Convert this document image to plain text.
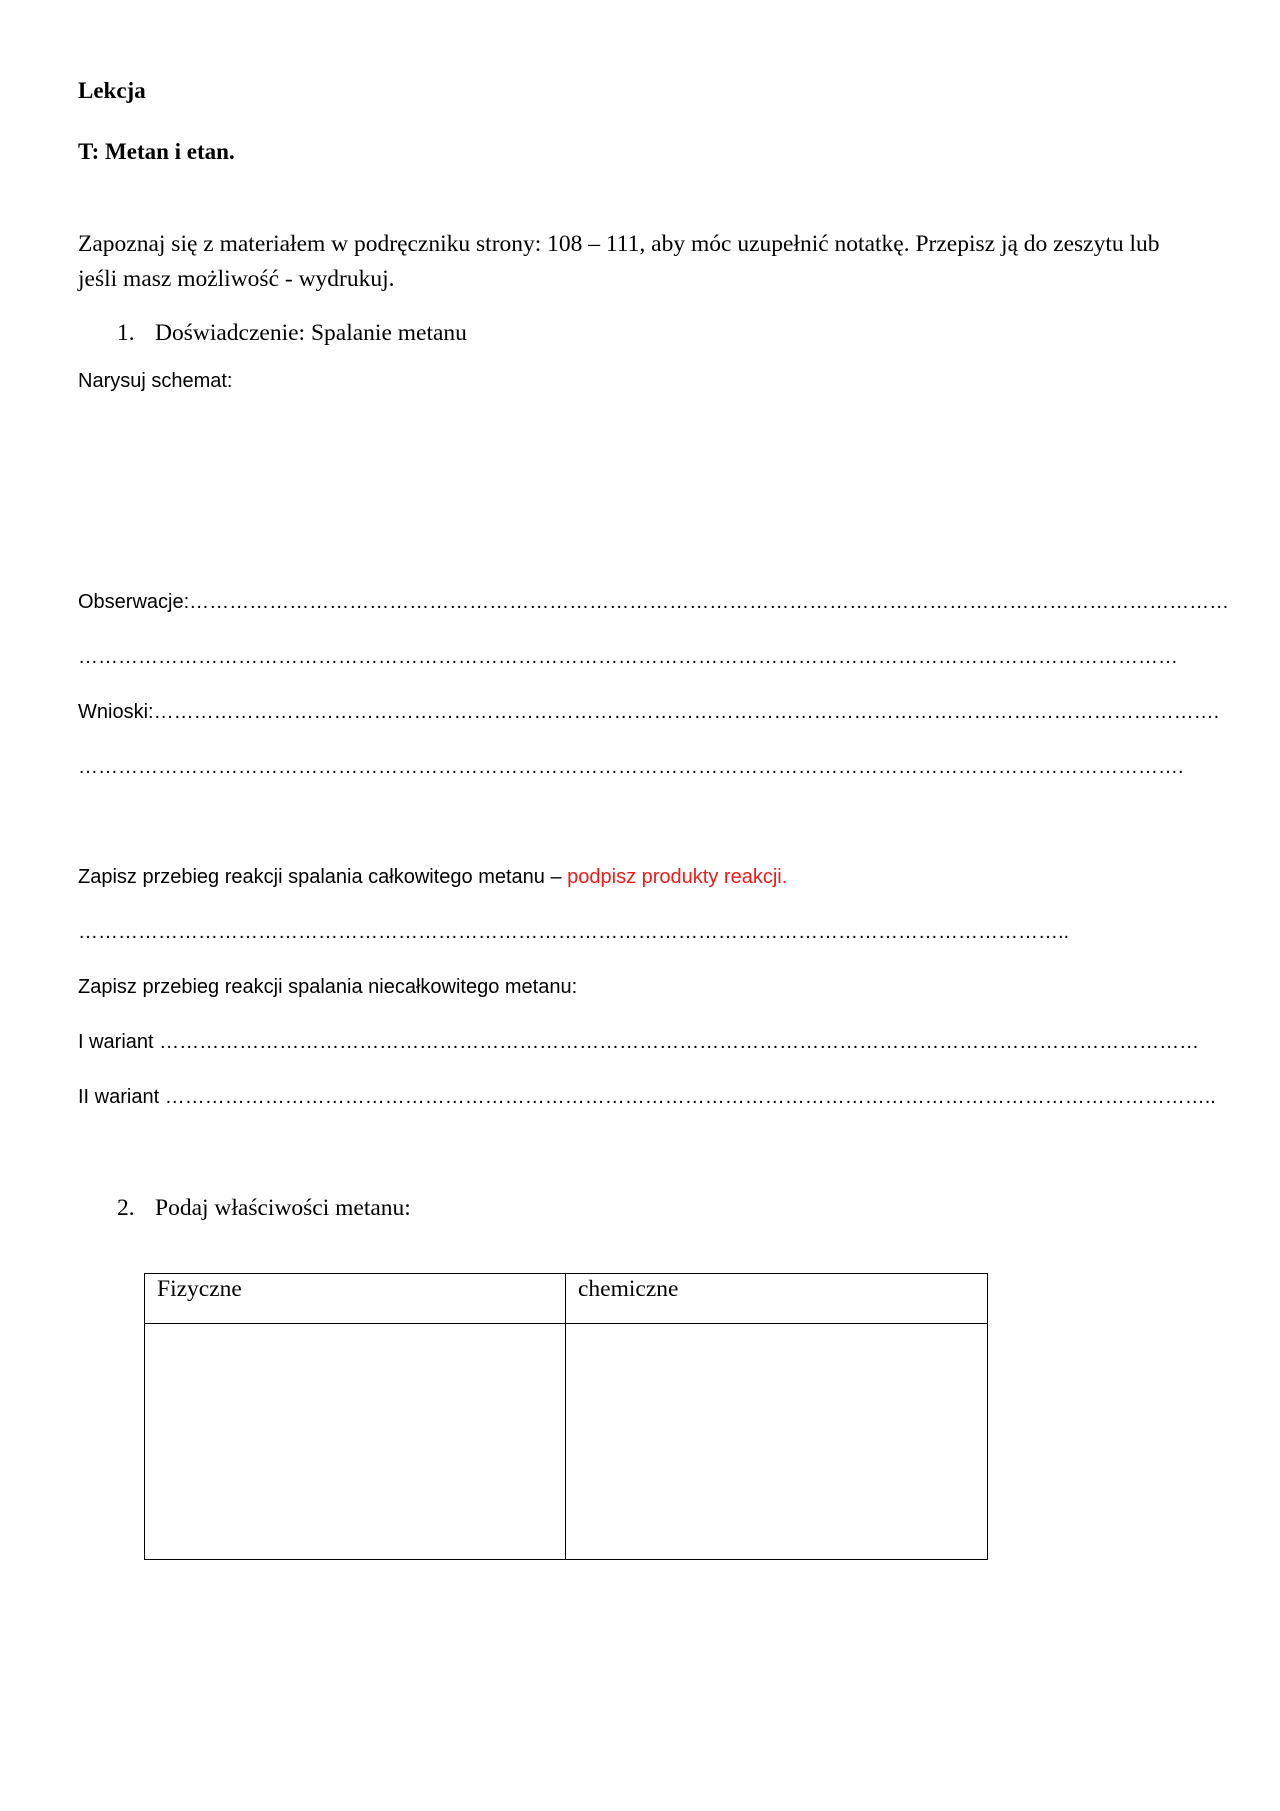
Lekcja
T: Metan i etan.
Zapoznaj się z materiałem w podręczniku strony: 108 – 111, aby móc uzupełnić notatkę. Przepisz ją do zeszytu lub jeśli masz możliwość - wydrukuj.
1. Doświadczenie: Spalanie metanu
Narysuj schemat:
Obserwacje:…………………………………………………………………………………………………………………………………………
…………………………………………………………………………………………………………………………………………………
Wnioski:…………………………………………………………………………………………………………………………………………….
………………………………………………………………………………………………………………………………………………….
Zapisz przebieg reakcji spalania całkowitego metanu – podpisz produkty reakcji.
…………………………………………………………………………………………………………………………………..
Zapisz przebieg reakcji spalania niecałkowitego metanu:
I wariant …………………………………………………………………………………………………………………………………………
II wariant …………………………………………………………………………………………………………………………………………..
2. Podaj właściwości metanu:
Fizyczne	chemiczne
